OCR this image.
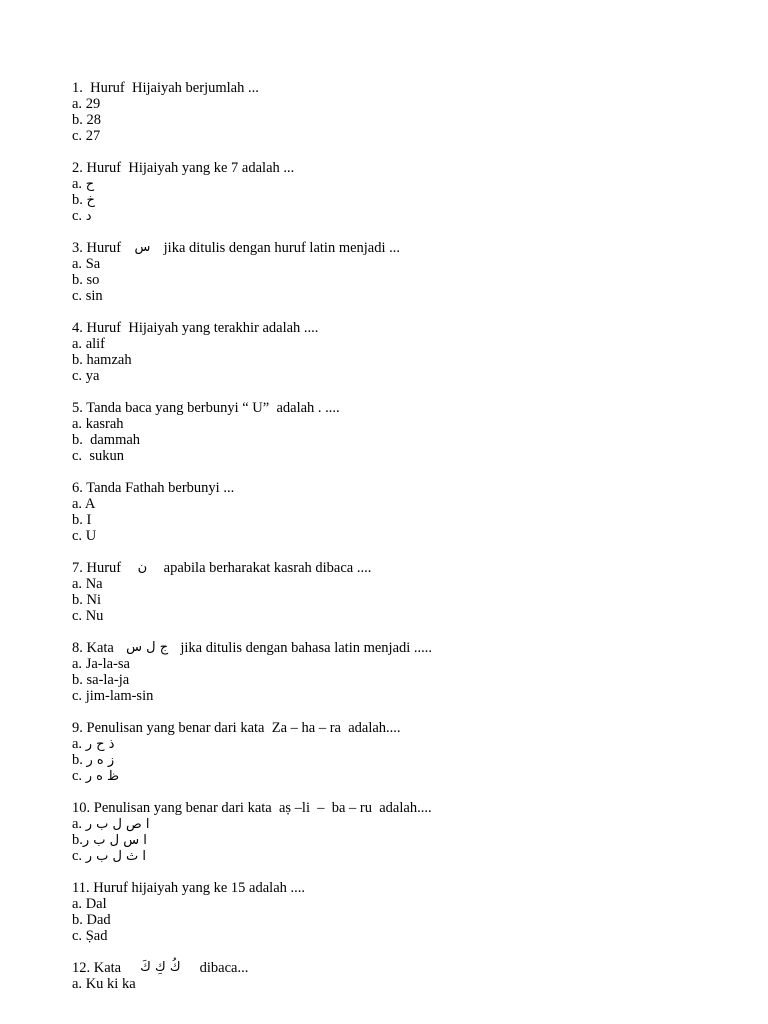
1.  Huruf  Hijaiyah berjumlah ...
a. 29
b. 28
c. 27
2. Huruf  Hijaiyah yang ke 7 adalah ...
a. ح
b. خ
c. د
3. Huruf س jika ditulis dengan huruf latin menjadi ...
a. Sa
b. so
c. sin
4. Huruf  Hijaiyah yang terakhir adalah ....
a. alif
b. hamzah
c. ya
5. Tanda baca yang berbunyi “ U”  adalah . ....
a. kasrah
b.  dammah
c.  sukun
6. Tanda Fathah berbunyi ...
a. A
b. I
c. U
7. Huruf ن apabila berharakat kasrah dibaca ....
a. Na
b. Ni
c. Nu
8. Kata ج ل س jika ditulis dengan bahasa latin menjadi .....
a. Ja-la-sa
b. sa-la-ja
c. jim-lam-sin
9. Penulisan yang benar dari kata  Za – ha – ra  adalah....
a. ذ ح ر
b. ز ه ر
c. ظ ه ر
10. Penulisan yang benar dari kata  aṣ –li  –  ba – ru  adalah....
a. ا ص ل ب ر
b.ا س ل ب ر
c. ا ث ل ب ر
11. Huruf hijaiyah yang ke 15 adalah ....
a. Dal
b. Dad
c. Ṣad
12. Kata كُ كِ كَ dibaca...
a. Ku ki ka
